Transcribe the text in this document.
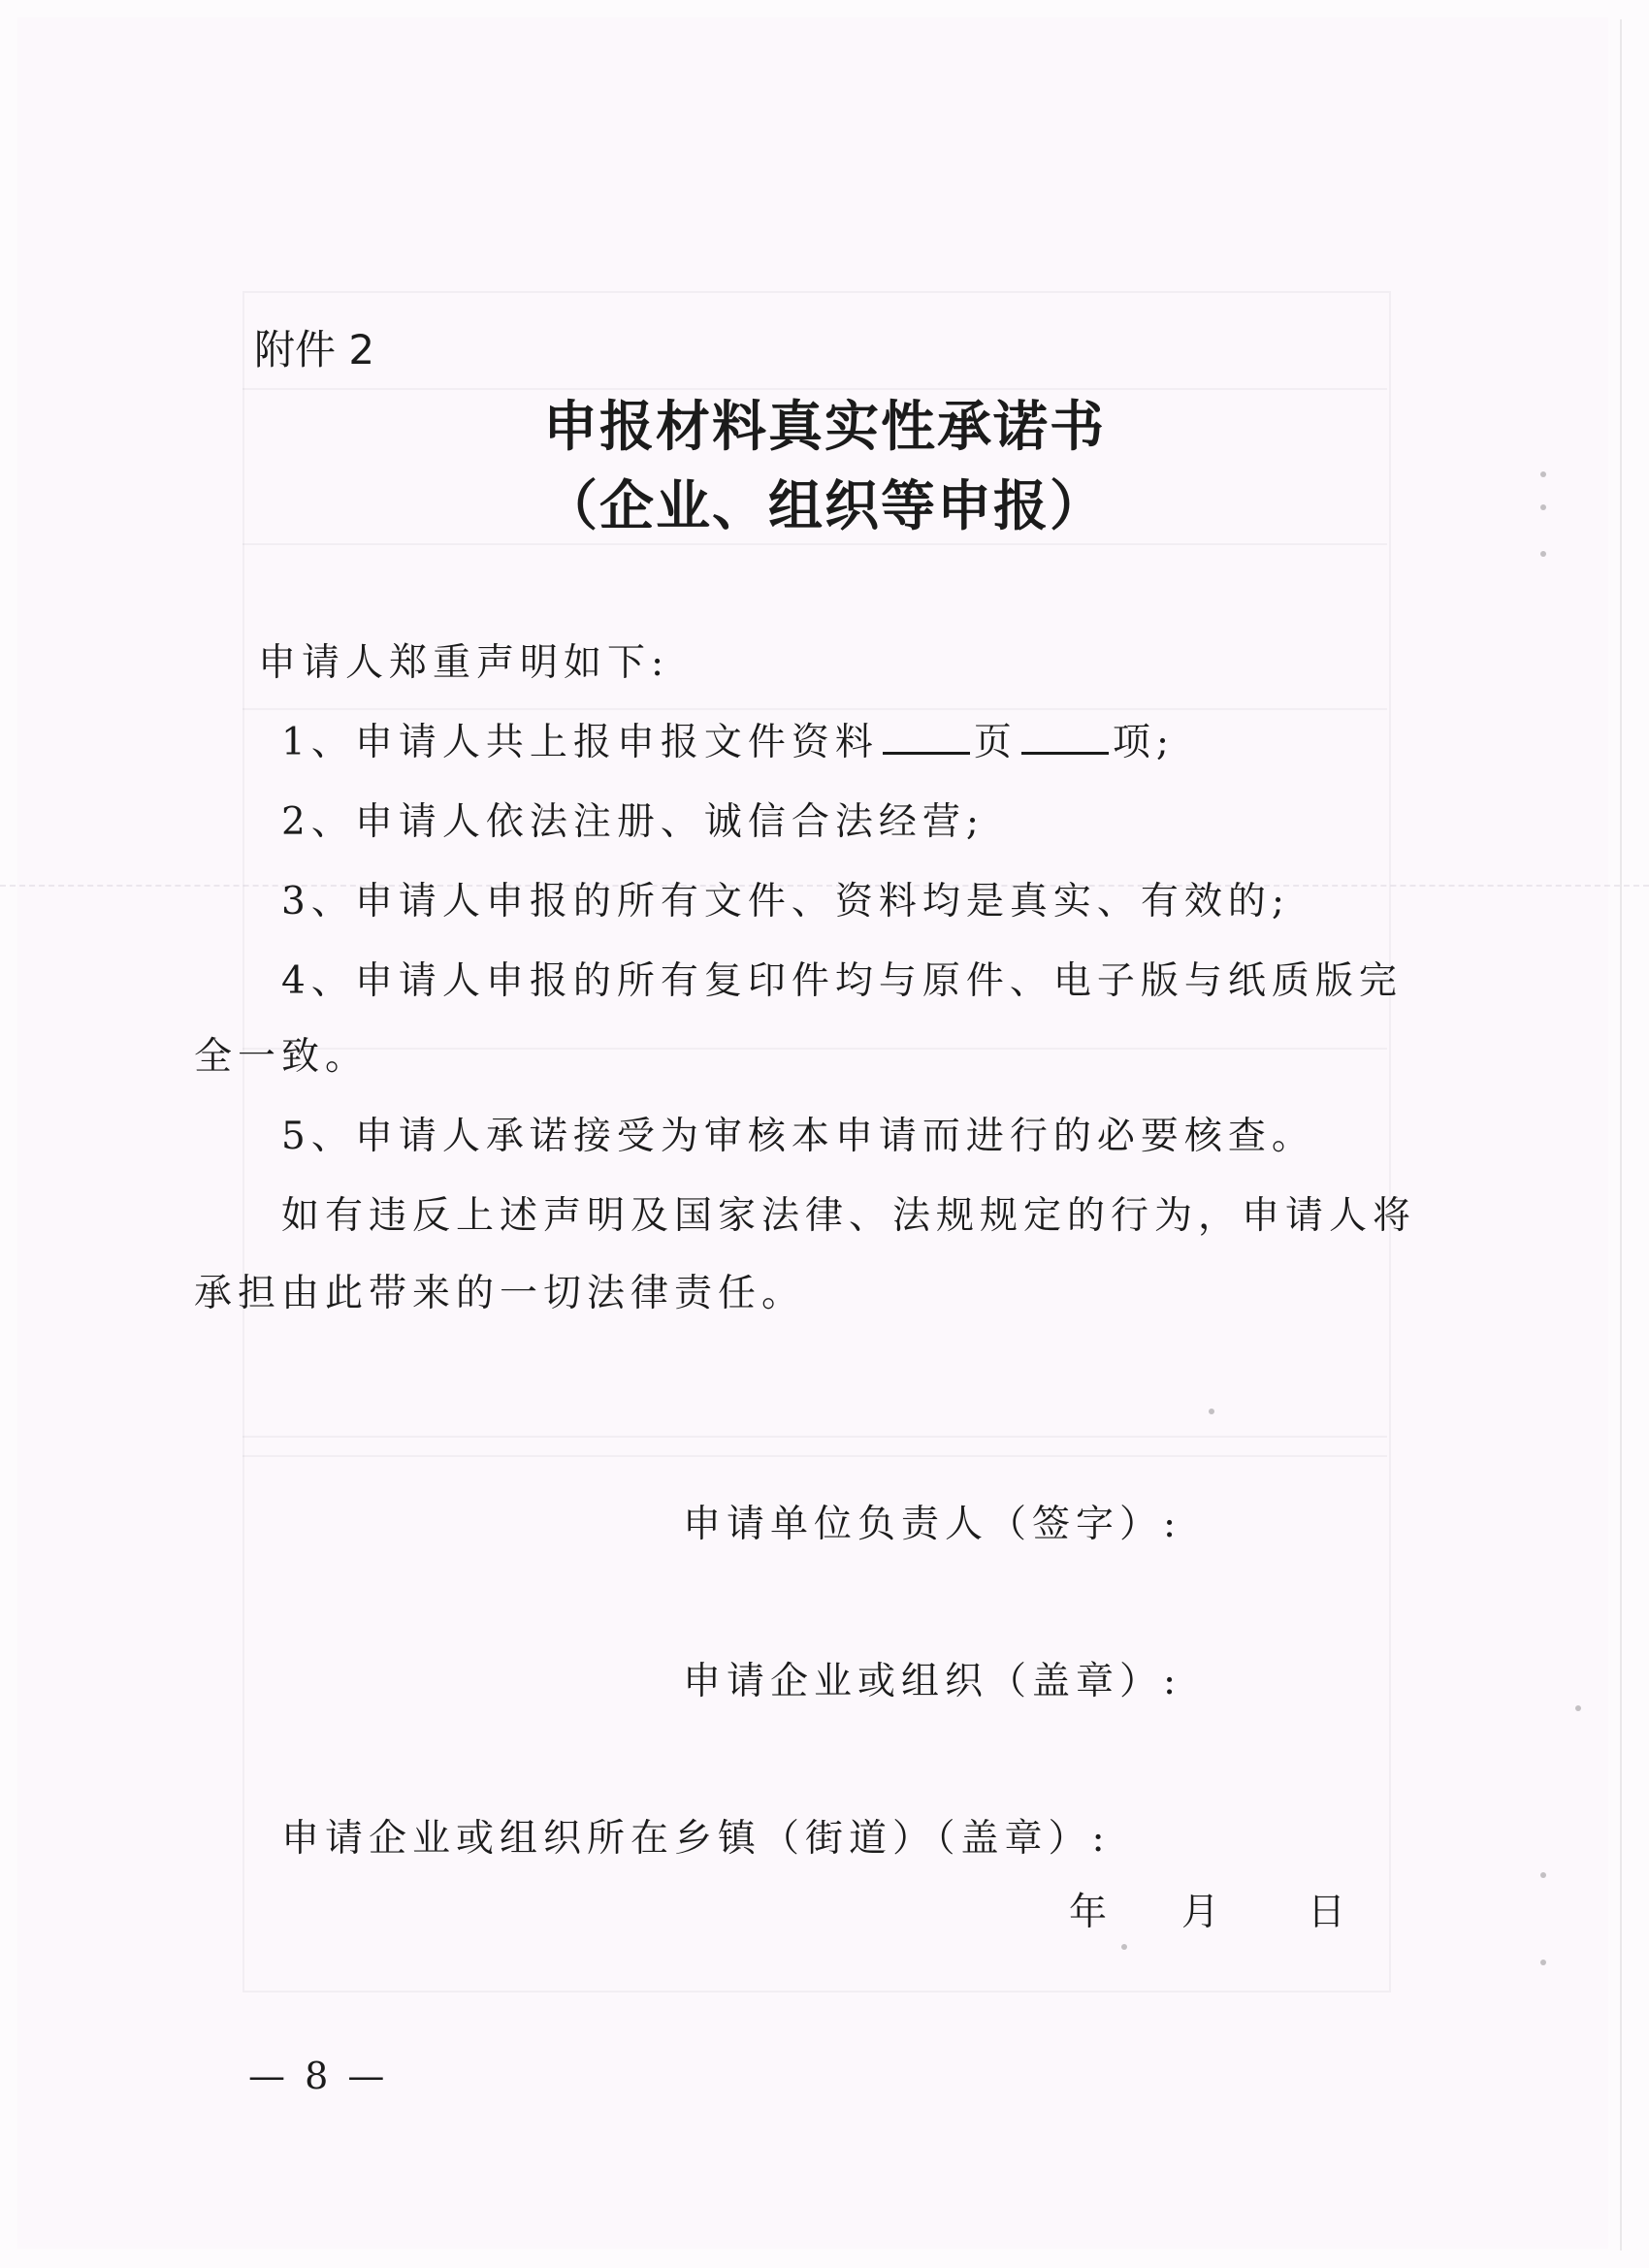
附件 2
申报材料真实性承诺书
（企业、组织等申报）
申请人郑重声明如下:
1、申请人共上报申报文件资料	页	项;
2、申请人依法注册、诚信合法经营;
3、申请人申报的所有文件、资料均是真实、有效的;
4、申请人申报的所有复印件均与原件、电子版与纸质版完
全一致。
5、申请人承诺接受为审核本申请而进行的必要核查。
如有违反上述声明及国家法律、法规规定的行为，申请人将
承担由此带来的一切法律责任。
申请单位负责人（签字）:
申请企业或组织（盖章）:
申请企业或组织所在乡镇（街道）（盖章）:
年 月 日
— 8 —
